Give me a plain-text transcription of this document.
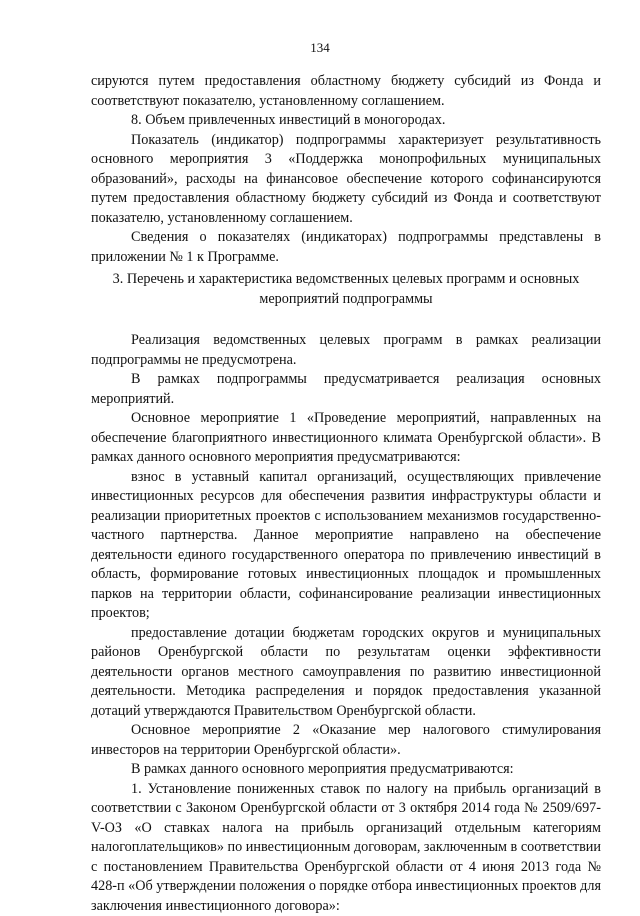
134

сируются путем предоставления областному бюджету субсидий из Фонда и соответствуют показателю, установленному соглашением.

8. Объем привлеченных инвестиций в моногородах.

Показатель (индикатор) подпрограммы характеризует результативность основного мероприятия 3 «Поддержка монопрофильных муниципальных образований», расходы на финансовое обеспечение которого софинансируются путем предоставления областному бюджету субсидий из Фонда и соответствуют показателю, установленному соглашением.

Сведения о показателях (индикаторах) подпрограммы представлены в приложении № 1 к Программе.

3. Перечень и характеристика ведомственных целевых программ и основных мероприятий подпрограммы

Реализация ведомственных целевых программ в рамках реализации подпрограммы не предусмотрена.

В рамках подпрограммы предусматривается реализация основных мероприятий.

Основное мероприятие 1 «Проведение мероприятий, направленных на обеспечение благоприятного инвестиционного климата Оренбургской области». В рамках данного основного мероприятия предусматриваются:

взнос в уставный капитал организаций, осуществляющих привлечение инвестиционных ресурсов для обеспечения развития инфраструктуры области и реализации приоритетных проектов с использованием механизмов государственно-частного партнерства. Данное мероприятие направлено на обеспечение деятельности единого государственного оператора по привлечению инвестиций в область, формирование готовых инвестиционных площадок и промышленных парков на территории области, софинансирование реализации инвестиционных проектов;

предоставление дотации бюджетам городских округов и муниципальных районов Оренбургской области по результатам оценки эффективности деятельности органов местного самоуправления по развитию инвестиционной деятельности. Методика распределения и порядок предоставления указанной дотаций утверждаются Правительством Оренбургской области.

Основное мероприятие 2 «Оказание мер налогового стимулирования инвесторов на территории Оренбургской области».

В рамках данного основного мероприятия предусматриваются:

1. Установление пониженных ставок по налогу на прибыль организаций в соответствии с Законом Оренбургской области от 3 октября 2014 года № 2509/697-V-ОЗ «О ставках налога на прибыль организаций отдельным категориям налогоплательщиков» по инвестиционным договорам, заключенным в соответствии с постановлением Правительства Оренбургской области от 4 июня 2013 года № 428-п «Об утверждении положения о порядке отбора инвестиционных проектов для заключения инвестиционного договора»:
